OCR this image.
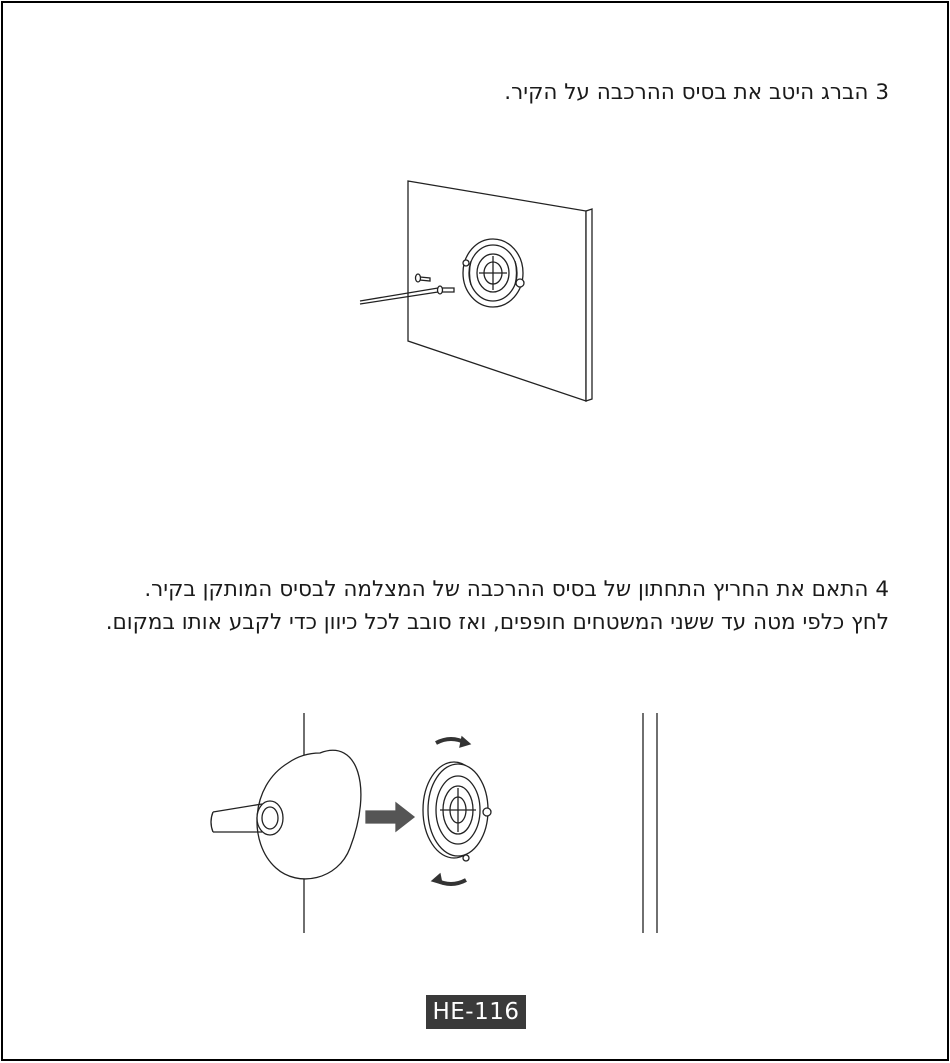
3 הברג היטב את בסיס ההרכבה על הקיר.
4 התאם את החריץ התחתון של בסיס ההרכבה של המצלמה לבסיס המותקן בקיר.
לחץ כלפי מטה עד ששני המשטחים חופפים, ואז סובב לכל כיוון כדי לקבע אותו במקום.
HE-116
